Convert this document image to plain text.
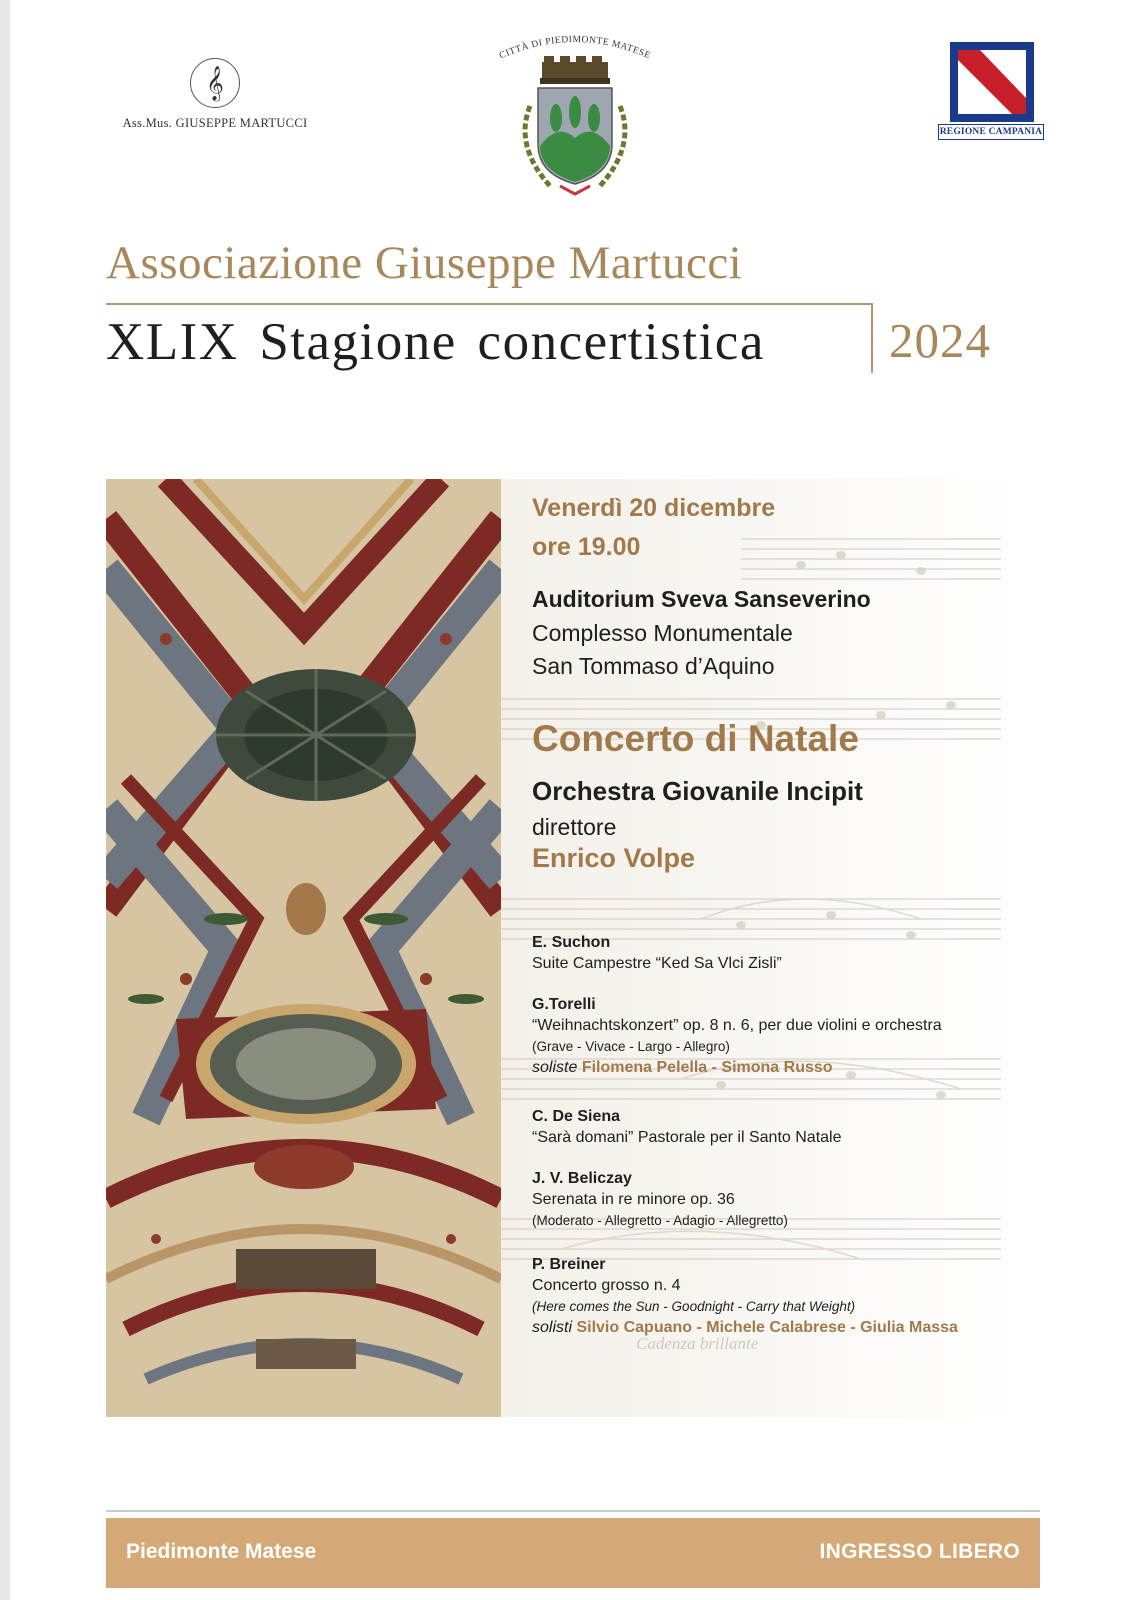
𝄞
Ass.Mus. GIUSEPPE MARTUCCI
CITTÀ DI PIEDIMONTE MATESE
REGIONE CAMPANIA
Associazione Giuseppe Martucci
XLIX Stagione concertistica	2024
Cadenza brillante
Venerdì 20 dicembre
ore 19.00
Auditorium Sveva Sanseverino
Complesso Monumentale
San Tommaso d’Aquino
Concerto di Natale
Orchestra Giovanile Incipit
direttore
Enrico Volpe

E. Suchon

Suite Campestre “Ked Sa Vlci Zisli”

G.Torelli

“Weihnachtskonzert” op. 8 n. 6, per due violini e orchestra

(Grave - Vivace - Largo - Allegro)

soliste Filomena Pelella - Simona Russo

C. De Siena

“Sarà domani” Pastorale per il Santo Natale

J. V. Beliczay

Serenata in re minore op. 36

(Moderato - Allegretto - Adagio - Allegretto)

P. Breiner

Concerto grosso n. 4

(Here comes the Sun - Goodnight - Carry that Weight)

solisti Silvio Capuano - Michele Calabrese - Giulia Massa

Piedimonte Matese	INGRESSO LIBERO
